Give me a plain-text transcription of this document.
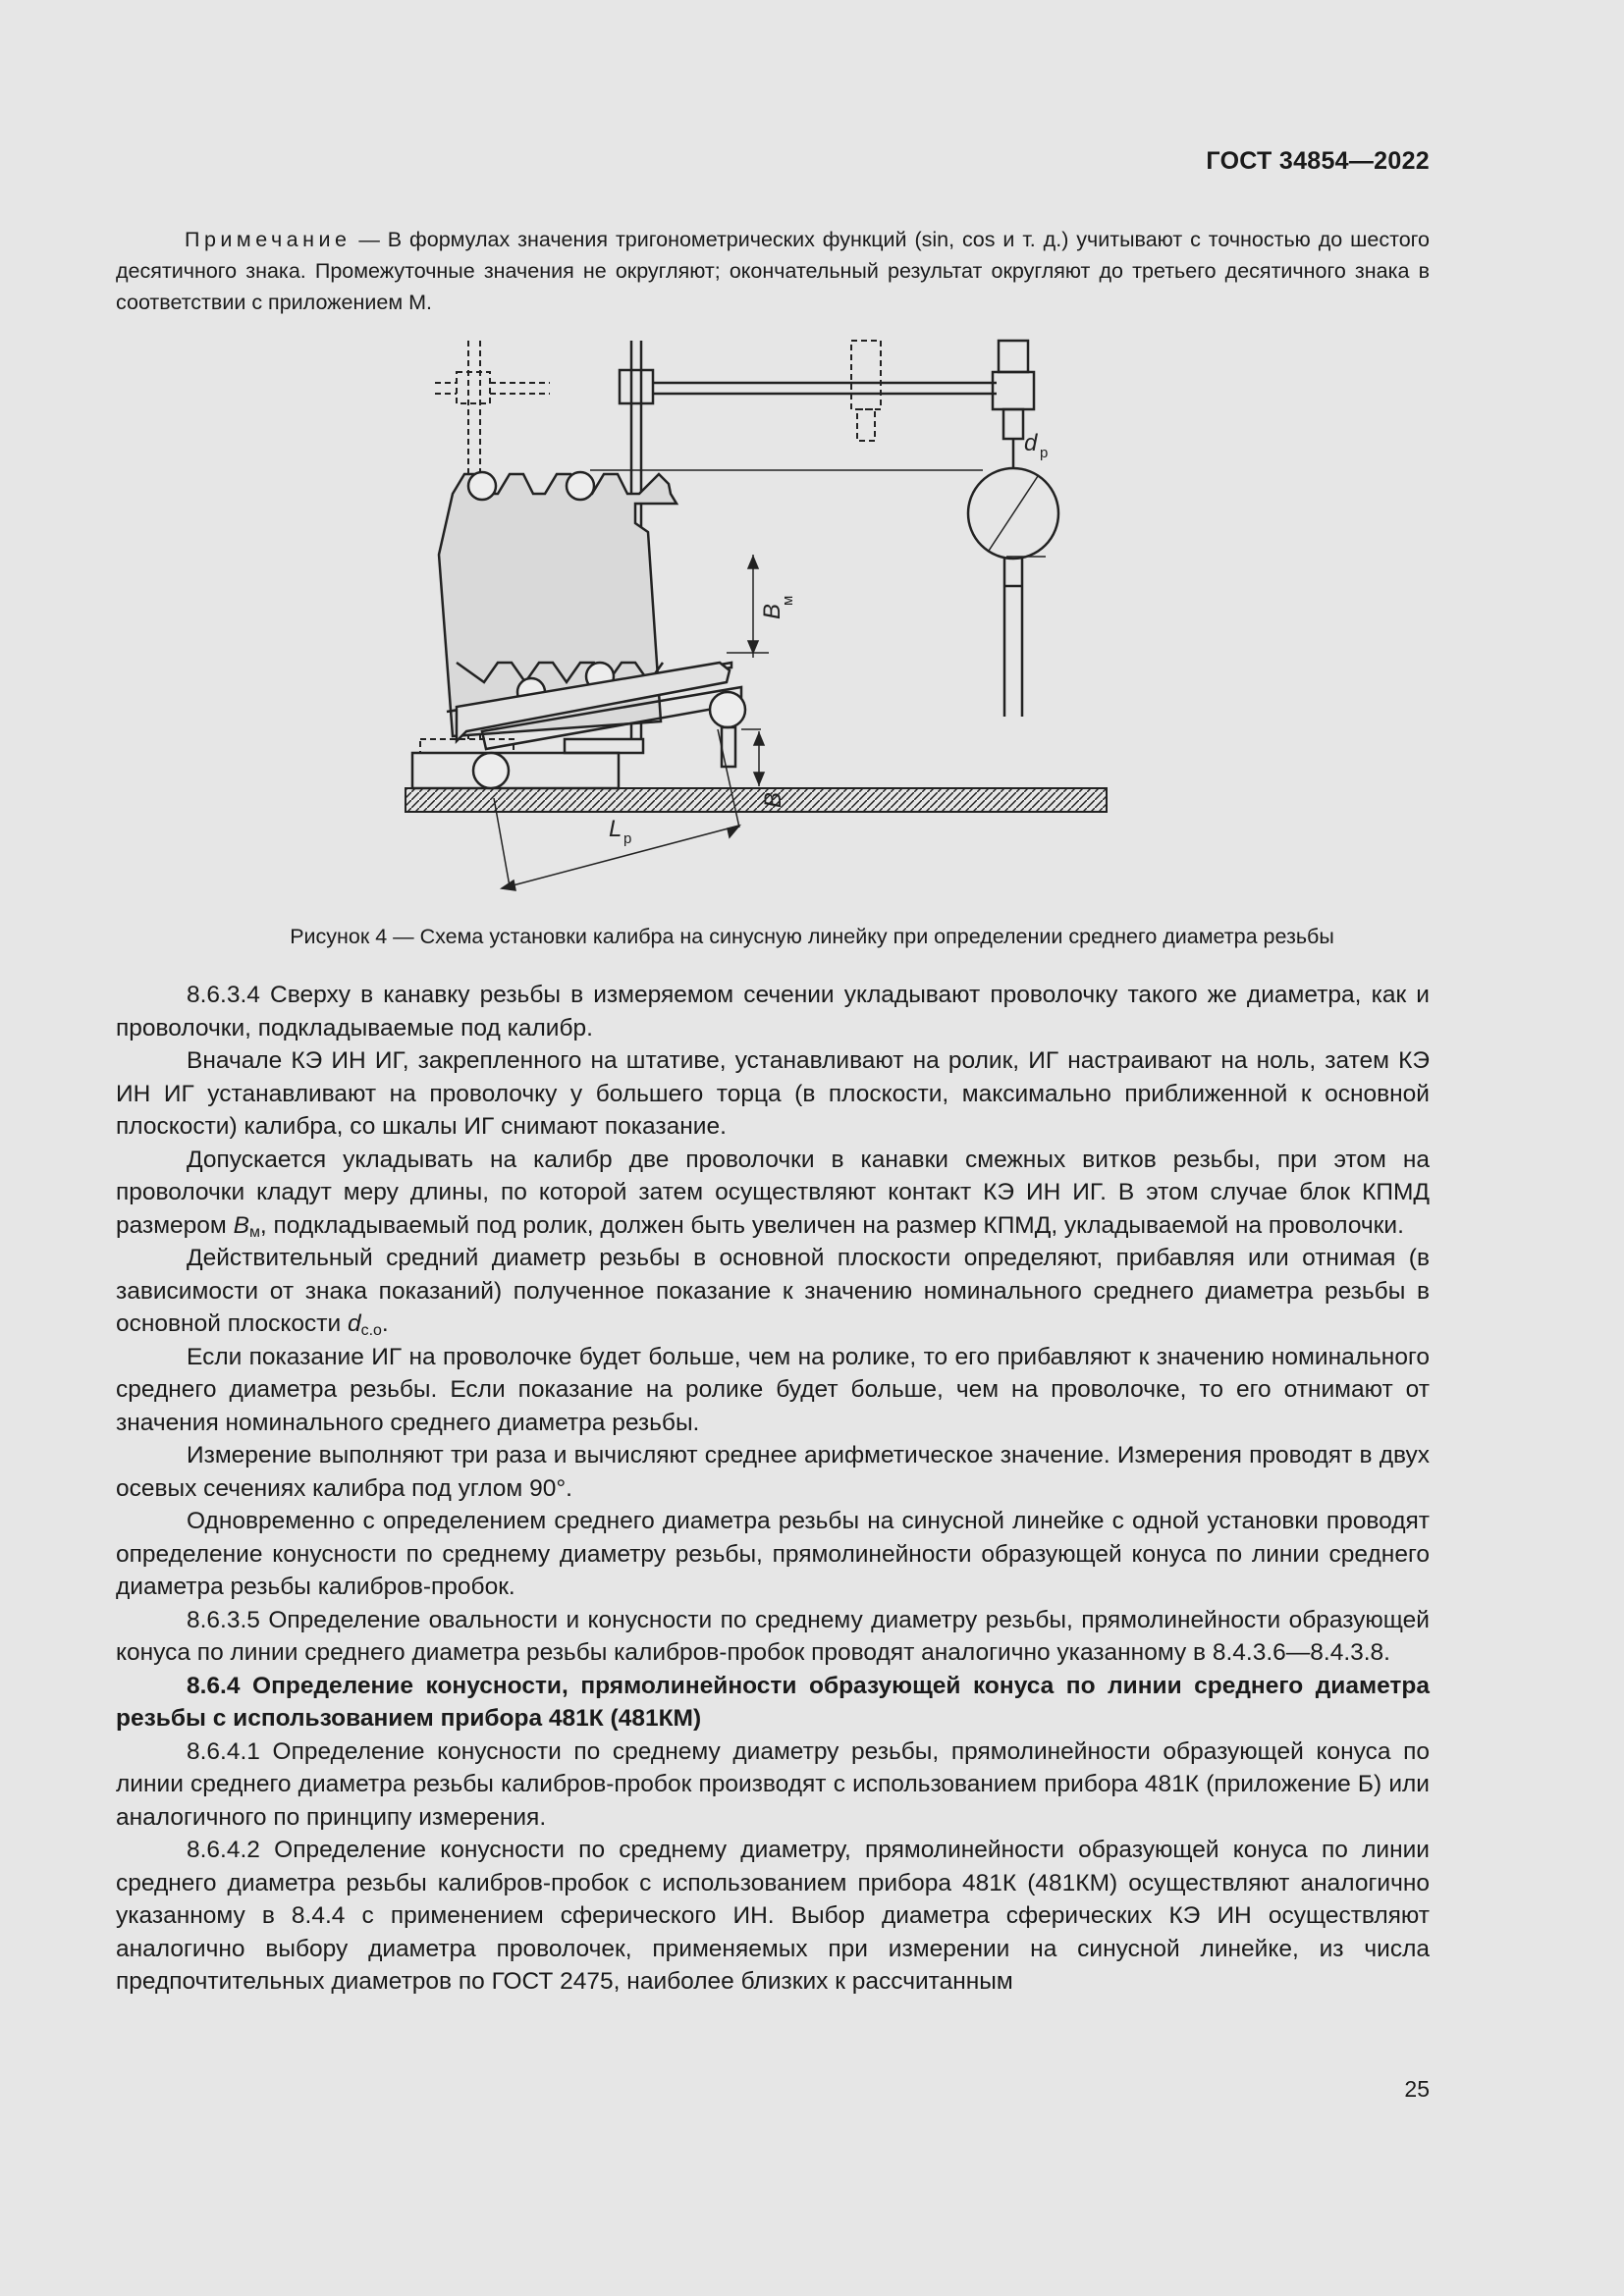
ГОСТ 34854—2022
Примечание — В формулах значения тригонометрических функций (sin, cos и т. д.) учитывают с точностью до шестого десятичного знака. Промежуточные значения не округляют; окончательный результат округляют до третьего десятичного знака в соответствии с приложением М.
d р
B
м
B
L р
Рисунок 4 — Схема установки калибра на синусную линейку при определении среднего диаметра резьбы

8.6.3.4 Сверху в канавку резьбы в измеряемом сечении укладывают проволочку такого же диаметра, как и проволочки, подкладываемые под калибр.

Вначале КЭ ИН ИГ, закрепленного на штативе, устанавливают на ролик, ИГ настраивают на ноль, затем КЭ ИН ИГ устанавливают на проволочку у большего торца (в плоскости, максимально приближенной к основной плоскости) калибра, со шкалы ИГ снимают показание.

Допускается укладывать на калибр две проволочки в канавки смежных витков резьбы, при этом на проволочки кладут меру длины, по которой затем осуществляют контакт КЭ ИН ИГ. В этом случае блок КПМД размером $B_м$, подкладываемый под ролик, должен быть увеличен на размер КПМД, укладываемой на проволочки.

Действительный средний диаметр резьбы в основной плоскости определяют, прибавляя или отнимая (в зависимости от знака показаний) полученное показание к значению номинального среднего диаметра резьбы в основной плоскости $d_{с.о}$.

Если показание ИГ на проволочке будет больше, чем на ролике, то его прибавляют к значению номинального среднего диаметра резьбы. Если показание на ролике будет больше, чем на проволочке, то его отнимают от значения номинального среднего диаметра резьбы.

Измерение выполняют три раза и вычисляют среднее арифметическое значение. Измерения проводят в двух осевых сечениях калибра под углом 90°.

Одновременно с определением среднего диаметра резьбы на синусной линейке с одной установки проводят определение конусности по среднему диаметру резьбы, прямолинейности образующей конуса по линии среднего диаметра резьбы калибров-пробок.

8.6.3.5 Определение овальности и конусности по среднему диаметру резьбы, прямолинейности образующей конуса по линии среднего диаметра резьбы калибров-пробок проводят аналогично указанному в 8.4.3.6—8.4.3.8.

8.6.4 Определение конусности, прямолинейности образующей конуса по линии среднего диаметра резьбы с использованием прибора 481К (481КМ)

8.6.4.1 Определение конусности по среднему диаметру резьбы, прямолинейности образующей конуса по линии среднего диаметра резьбы калибров-пробок производят с использованием прибора 481К (приложение Б) или аналогичного по принципу измерения.

8.6.4.2 Определение конусности по среднему диаметру, прямолинейности образующей конуса по линии среднего диаметра резьбы калибров-пробок с использованием прибора 481К (481КМ) осуществляют аналогично указанному в 8.4.4 с применением сферического ИН. Выбор диаметра сферических КЭ ИН осуществляют аналогично выбору диаметра проволочек, применяемых при измерении на синусной линейке, из числа предпочтительных диаметров по ГОСТ 2475, наиболее близких к рассчитанным

25
